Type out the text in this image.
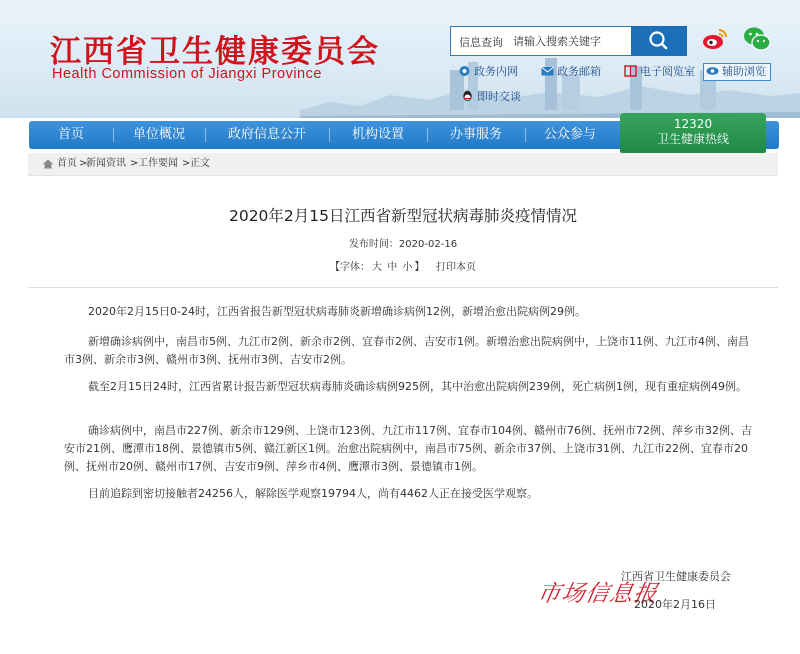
江西省卫生健康委员会
Health Commission of Jiangxi Province
信息查询
请输入搜索关键字
政务内网	政务邮箱	电子阅览室	辅助浏览
即时交谈
首页	单位概况	政府信息公开	机构设置	办事服务	公众参与
12320
卫生健康热线
首页 >
新闻资讯 > 工作要闻 > 正文
2020年2月15日江西省新型冠状病毒肺炎疫情情况
发布时间：2020-02-16
【字体： 大 中 小 】 打印本页

2020年2月15日0-24时，江西省报告新型冠状病毒肺炎新增确诊病例12例，新增治愈出院病例29例。

新增确诊病例中，南昌市5例、九江市2例、新余市2例、宜春市2例、吉安市1例。新增治愈出院病例中，上饶市11例、九江市4例、南昌市3例、新余市3例、赣州市3例、抚州市3例、吉安市2例。

截至2月15日24时，江西省累计报告新型冠状病毒肺炎确诊病例925例，其中治愈出院病例239例，死亡病例1例，现有重症病例49例。

确诊病例中，南昌市227例、新余市129例、上饶市123例、九江市117例、宜春市104例、赣州市76例、抚州市72例、萍乡市32例、吉安市21例、鹰潭市18例、景德镇市5例、赣江新区1例。治愈出院病例中，南昌市75例、新余市37例、上饶市31例、九江市22例、宜春市20例、抚州市20例、赣州市17例、吉安市9例、萍乡市4例、鹰潭市3例、景德镇市1例。

目前追踪到密切接触者24256人，解除医学观察19794人，尚有4462人正在接受医学观察。

江西省卫生健康委员会
市场信息报
2020年2月16日
